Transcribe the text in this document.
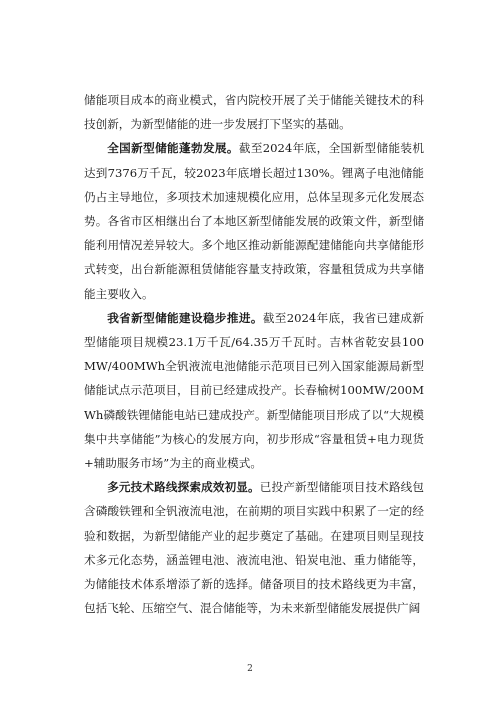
储能项目成本的商业模式，省内院校开展了关于储能关键技术的科技创新，为新型储能的进一步发展打下坚实的基础。

全国新型储能蓬勃发展。截至2024年底，全国新型储能装机达到7376万千瓦，较2023年底增长超过130%。锂离子电池储能仍占主导地位，多项技术加速规模化应用，总体呈现多元化发展态势。各省市区相继出台了本地区新型储能发展的政策文件，新型储能利用情况差异较大。多个地区推动新能源配建储能向共享储能形式转变，出台新能源租赁储能容量支持政策，容量租赁成为共享储能主要收入。

我省新型储能建设稳步推进。截至2024年底，我省已建成新型储能项目规模23.1万千瓦/64.35万千瓦时。吉林省乾安县100MW/400MWh全钒液流电池储能示范项目已列入国家能源局新型储能试点示范项目，目前已经建成投产。长春榆树100MW/200MWh磷酸铁锂储能电站已建成投产。新型储能项目形成了以“大规模集中共享储能”为核心的发展方向，初步形成“容量租赁+电力现货+辅助服务市场”为主的商业模式。

多元技术路线探索成效初显。已投产新型储能项目技术路线包含磷酸铁锂和全钒液流电池，在前期的项目实践中积累了一定的经验和数据，为新型储能产业的起步奠定了基础。在建项目则呈现技术多元化态势，涵盖锂电池、液流电池、铅炭电池、重力储能等，为储能技术体系增添了新的选择。储备项目的技术路线更为丰富，包括飞轮、压缩空气、混合储能等，为未来新型储能发展提供广阔

2
